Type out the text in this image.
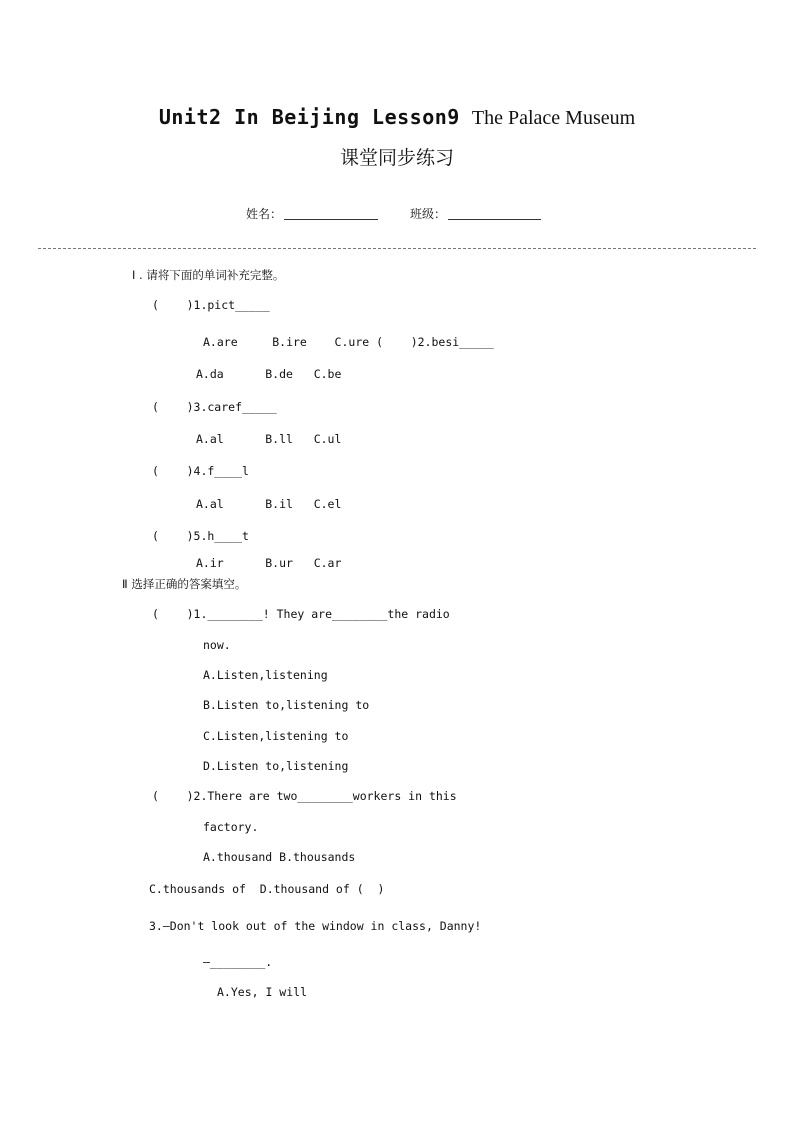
Unit2 In Beijing Lesson9 The Palace Museum
课堂同步练习
姓名：	班级：
Ⅰ . 请将下面的单词补充完整。
(    )1.pict_____
A.are     B.ire    C.ure (    )2.besi_____
A.da      B.de   C.be
(    )3.caref_____
A.al      B.ll   C.ul
(    )4.f____l
A.al      B.il   C.el
(    )5.h____t
A.ir      B.ur   C.ar
Ⅱ 选择正确的答案填空。
(    )1.________! They are________the radio
now.
A.Listen,listening
B.Listen to,listening to
C.Listen,listening to
D.Listen to,listening
(    )2.There are two________workers in this
factory.
A.thousand B.thousands
C.thousands of  D.thousand of (  )
3.—Don't look out of the window in class, Danny!
—________.
A.Yes, I will
